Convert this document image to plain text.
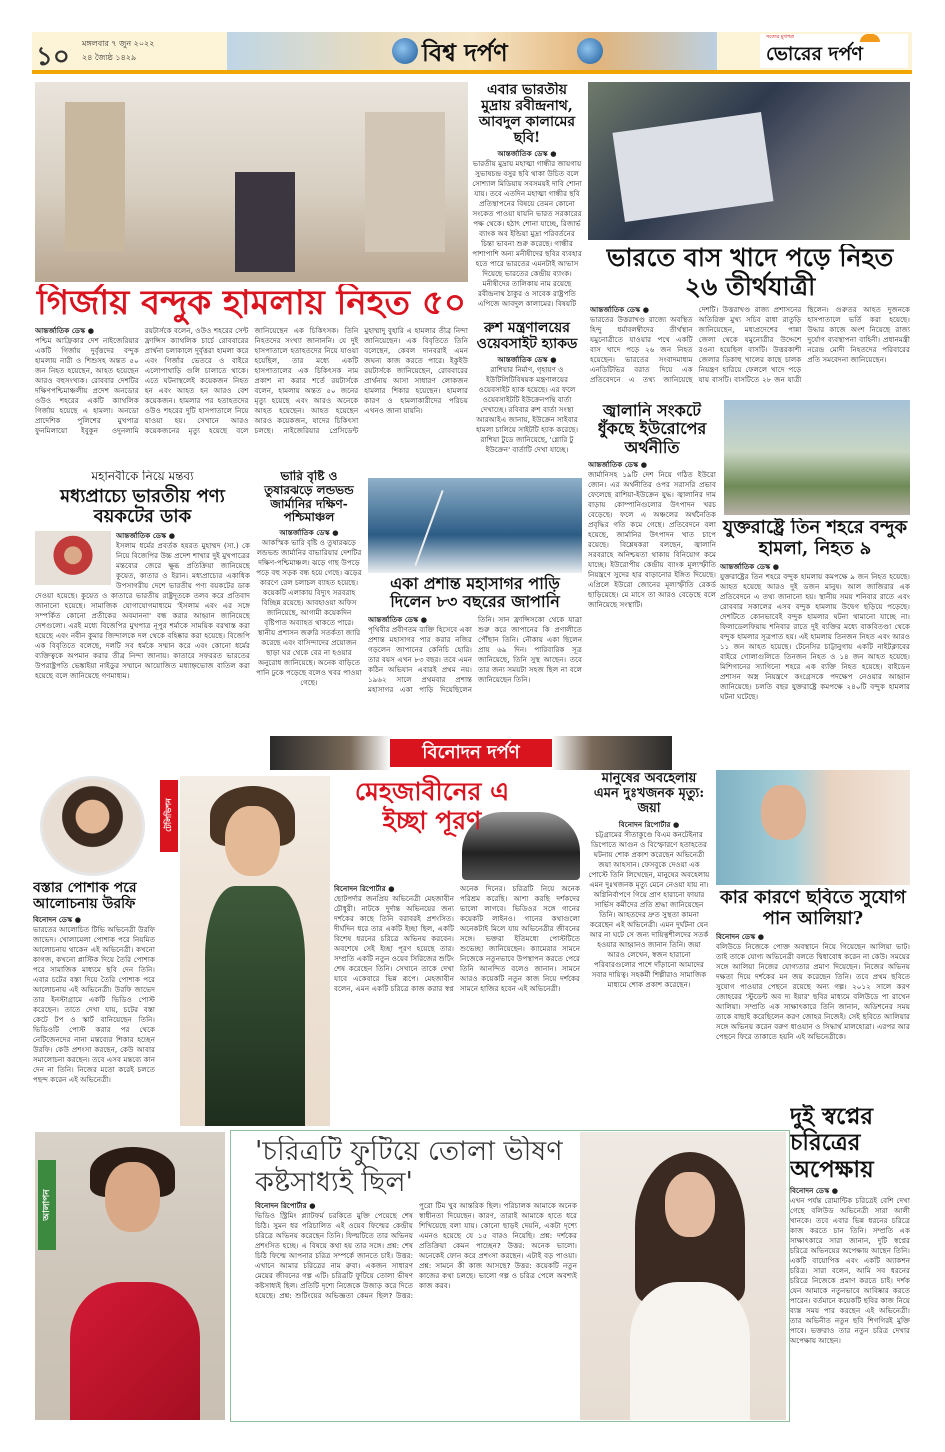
১০ মঙ্গলবার ৭ জুন ২০২২
২৪ জ্যৈষ্ঠ ১৪২৯	বিশ্ব দর্পণ
সত্যের মুখপত্র
ভোরের দর্পণ
গির্জায় বন্দুক হামলায় নিহত ৫০
আন্তর্জাতিক ডেস্ক ●
পশ্চিম আফ্রিকার দেশ নাইজেরিয়ার একটি গির্জায় দুর্বৃত্তদের বন্দুক হামলায় নারী ও শিশুসহ অন্তত ৫০ জন নিহত হয়েছেন, আহত হয়েছেন আরও বহুসংখ্যক। রোববার দেশটির দক্ষিণপশ্চিমাঞ্চলীয় প্রদেশ অনডোর ওউও শহরের একটি ক্যাথলিক গির্জায় হয়েছে এ হামলা। অনডো প্রাদেশিক পুলিশের মুখপাত্র ফুনমিলায়ো ইবুকুন ওদুনলামি রয়টার্সকে বলেন, ওউও শহরের সেন্ট ফ্রান্সিস ক্যাথলিক চার্চে রোববারের প্রার্থনা চলাকালে দুর্বৃত্তরা হামলা করে এবং গির্জার ভেতরে ও বাইরে এলোপাথাড়ি গুলি চালাতে থাকে। এতে ঘটনাস্থলেই কয়েকজন নিহত হন এবং আহত হন আরও বেশ কয়েকজন। হামলার পর হতাহতদের ওউও শহরের দুটি হাসপাতালে নিয়ে যাওয়া হয়। সেখানে আরও কয়েকজনের মৃত্যু হয়েছে বলে জানিয়েছেন এক চিকিৎসক। তিনি নিহতদের সংখ্যা জানাননি। যে দুই হাসপাতালে হতাহতদের নিয়ে যাওয়া হয়েছিল, তার মধ্যে একটি হাসপাতালের এক চিকিৎসক নাম প্রকাশ না করার শর্তে রয়টার্সকে বলেন, হামলায় অন্তত ৫০ জনের মৃত্যু হয়েছে এবং আরও অনেকে আহত হয়েছেন। আহত হয়েছেন আরও কয়েকজন, যাদের চিকিৎসা চলছে। নাইজেরিয়ার প্রেসিডেন্ট মুহাম্মাদু বুহারি এ হামলার তীব্র নিন্দা জানিয়েছেন। এক বিবৃতিতে তিনি বলেছেন, কেবল দানবরাই এমন জঘন্য কাজ করতে পারে। ইকুইউ রয়টার্সকে জানিয়েছেন, রোববারের প্রার্থনায় আসা সাধারণ লোকজন হামলার শিকার হয়েছেন। হামলার কারণ ও হামলাকারীদের পরিচয় এখনও জানা যায়নি।
এবার ভারতীয় মুদ্রায় রবীন্দ্রনাথ, আবদুল কালামের ছবি!
আন্তর্জাতিক ডেস্ক ●
ভারতীয় মুদ্রায় মহাত্মা গান্ধীর জায়গায় সুভাষচন্দ্র বসুর ছবি থাকা উচিত বলে সোশ্যাল মিডিয়ায় সবসময়ই দাবি শোনা যায়। তবে এতদিন মহাত্মা গান্ধীর ছবি প্রতিস্থাপনের বিষয়ে তেমন কোনো সংকেত পাওয়া যায়নি ভারত সরকারের পক্ষ থেকে। হঠাৎ শোনা যাচ্ছে, রিজার্ভ ব্যাংক অব ইন্ডিয়া মুদ্রা পরিবর্তনের চিন্তা ভাবনা শুরু করেছে। গান্ধীর পাশাপাশি অন্য মনীষীদের ছবির ব্যবহার হতে পারে ভারতের এমনটাই আভাস দিয়েছে ভারতের কেন্দ্রীয় ব্যাংক। মনীষীদের তালিকায় নাম রয়েছে রবীন্দ্রনাথ ঠাকুর ও সাবেক রাষ্ট্রপতি এপিজে আবদুল কালামের। বিষয়টি
রুশ মন্ত্রণালয়ের ওয়েবসাইট হ্যাকড
আন্তর্জাতিক ডেস্ক ●
রাশিয়ার নির্মাণ, গৃহায়ণ ও ইউটিলিটিবিষয়ক মন্ত্রণালয়ের ওয়েবসাইট হ্যাক হয়েছে। এর ফলে ওয়েবসাইটটি ইউক্রেনপন্থি বার্তা দেখাচ্ছে। রবিবার রুশ বার্তা সংস্থা আরআইএ জানায়, ইউক্রেন সাইবার হামলা চালিয়ে সাইটটি হ্যাক করেছে। রাশিয়া টুডে জানিয়েছে, 'গ্লোরি টু ইউক্রেন' বার্তাটি দেখা যাচ্ছে।
ভারতে বাস খাদে পড়ে নিহত ২৬ তীর্থযাত্রী
আন্তর্জাতিক ডেস্ক ●
ভারতের উত্তরাখণ্ড রাজ্যে অবস্থিত হিন্দু ধর্মাবলম্বীদের তীর্থস্থান যমুনোত্রীতে যাওয়ার পথে একটি বাস খাদে পড়ে ২৬ জন নিহত হয়েছেন। ভারতের সংবাদমাধ্যম এনডিটিভির বরাত দিয়ে এক প্রতিবেদনে এ তথ্য জানিয়েছে দেশটি। উত্তরাখণ্ড রাজ্য প্রশাসনের অতিরিক্ত মুখ্য সচিব রাধা রাতুড়ি জানিয়েছেন, মধ্যপ্রদেশের পান্না জেলা থেকে যমুনোত্রীর উদ্দেশে রওনা হয়েছিল বাসটি। উত্তরকাশী জেলার ডিকাহু খালের কাছে চালক নিয়ন্ত্রণ হারিয়ে ফেললে খাদে পড়ে যায় বাসটি। বাসটিতে ২৮ জন যাত্রী ছিলেন। গুরুতর আহত দুজনকে হাসপাতালে ভর্তি করা হয়েছে। উদ্ধার কাজে অংশ নিয়েছে রাজ্য দুর্যোগ ব্যবস্থাপনা বাহিনী। প্রধানমন্ত্রী নরেন্দ্র মোদী নিহতদের পরিবারের প্রতি সমবেদনা জানিয়েছেন।
জ্বালানি সংকটে ধুঁকছে ইউরোপের অর্থনীতি
আন্তর্জাতিক ডেস্ক ●
জার্মানিসহ ১৯টি দেশ নিয়ে গঠিত ইউরো জোন। এর অর্থনীতির ওপর সরাসরি প্রভাব ফেলেছে রাশিয়া-ইউক্রেন যুদ্ধ। জ্বালানির দাম বাড়ায় কোম্পানিগুলোর উৎপাদন খরচ বেড়েছে। ফলে এ অঞ্চলের অর্থনৈতিক প্রবৃদ্ধির গতি কমে গেছে। প্রতিবেদনে বলা হয়েছে, জার্মানির উৎপাদন খাত চাপে রয়েছে। বিশ্লেষকরা বলছেন, জ্বালানি সরবরাহে অনিশ্চয়তা থাকায় বিনিয়োগ কমে যাচ্ছে। ইউরোপীয় কেন্দ্রীয় ব্যাংক মূল্যস্ফীতি নিয়ন্ত্রণে সুদের হার বাড়ানোর ইঙ্গিত দিয়েছে। এপ্রিলে ইউরো জোনের মূল্যস্ফীতি রেকর্ড ছাড়িয়েছে। মে মাসে তা আরও বেড়েছে বলে জানিয়েছে সংস্থাটি।
যুক্তরাষ্ট্রে তিন শহরে বন্দুক হামলা, নিহত ৯
আন্তর্জাতিক ডেস্ক ●
যুক্তরাষ্ট্রের তিন শহরে বন্দুক হামলায় কমপক্ষে ৯ জন নিহত হয়েছে। আহত হয়েছে আরও দুই ডজন মানুষ। আল জাজিরার এক প্রতিবেদনে এ তথ্য জানানো হয়। স্থানীয় সময় শনিবার রাতে এবং রোববার সকালের এসব বন্দুক হামলায় উদ্বেগ ছড়িয়ে পড়েছে। দেশটিতে কোনভাবেই বন্দুক হামলার ঘটনা থামানো যাচ্ছে না। ফিলাডেলফিয়ায় শনিবার রাতে দুই ব্যক্তির মধ্যে বাকবিতণ্ডা থেকে বন্দুক হামলার সূত্রপাত হয়। এই হামলায় তিনজন নিহত এবং আরও ১১ জন আহত হয়েছে। টেনেসির চাট্টানুগায় একটি নাইটক্লাবের বাইরে গোলাগুলিতে তিনজন নিহত ও ১৪ জন আহত হয়েছে। মিশিগানের স্যাগিনো শহরে এক ব্যক্তি নিহত হয়েছে। বাইডেন প্রশাসন অস্ত্র নিয়ন্ত্রণে কংগ্রেসকে পদক্ষেপ নেওয়ার আহ্বান জানিয়েছে। চলতি বছর যুক্তরাষ্ট্রে কমপক্ষে ২৪০টি বন্দুক হামলার ঘটনা ঘটেছে।
মহানবীকে নিয়ে মন্তব্য
মধ্যপ্রাচ্যে ভারতীয় পণ্য বয়কটের ডাক
আন্তর্জাতিক ডেস্ক ●
ইসলাম ধর্মের প্রবর্তক হযরত মুহাম্মদ (সা.) কে নিয়ে বিজেপির উচ্চ প্রদেশ শাখার দুই মুখপাত্রের মন্তব্যের জেরে ক্ষুব্ধ প্রতিক্রিয়া জানিয়েছে কুয়েত, কাতার ও ইরান। মধ্যপ্রাচ্যের একাধিক উপসাগরীয় দেশে ভারতীয় পণ্য বয়কটের ডাক দেওয়া হয়েছে। কুয়েত ও কাতারে ভারতীয় রাষ্ট্রদূতকে তলব করে প্রতিবাদ জানানো হয়েছে। সামাজিক যোগাযোগমাধ্যমে 'ইসলাম এবং এর সঙ্গে সম্পর্কিত কোনো প্রতীকের অবমাননা' বন্ধ করার আহ্বান জানিয়েছে দেশগুলো। এরই মধ্যে বিজেপির মুখপাত্র নূপুর শর্মাকে সাময়িক বরখাস্ত করা হয়েছে এবং নবীন কুমার জিন্দালকে দল থেকে বহিষ্কার করা হয়েছে। বিজেপি এক বিবৃতিতে বলেছে, দলটি সব ধর্মকে সম্মান করে এবং কোনো ধর্মের ব্যক্তিত্বকে অপমান করার তীব্র নিন্দা জানায়। কাতারে সফররত ভারতের উপরাষ্ট্রপতি ভেঙ্কাইয়া নাইডুর সম্মানে আয়োজিত মধ্যাহ্নভোজ বাতিল করা হয়েছে বলে জানিয়েছে গণমাধ্যম।
ভারি বৃষ্টি ও তুষারঝড়ে লন্ডভন্ড জার্মানির দক্ষিণ-পশ্চিমাঞ্চল
আন্তর্জাতিক ডেস্ক ●
আকস্মিক ভারি বৃষ্টি ও তুষারঝড়ে লন্ডভন্ড জার্মানির বাভারিয়ার দেশটির দক্ষিণ-পশ্চিমাঞ্চল। ঝড়ে গাছ উপড়ে পড়ে বহু সড়ক বন্ধ হয়ে গেছে। ঝড়ের কারণে রেল চলাচল ব্যাহত হয়েছে। কয়েকটি এলাকায় বিদ্যুৎ সরবরাহ বিচ্ছিন্ন রয়েছে। আবহাওয়া অফিস জানিয়েছে, আগামী কয়েকদিন বৃষ্টিপাত অব্যাহত থাকতে পারে। স্থানীয় প্রশাসন জরুরি সতর্কতা জারি করেছে এবং বাসিন্দাদের প্রয়োজন ছাড়া ঘর থেকে বের না হওয়ার অনুরোধ জানিয়েছে। অনেক বাড়িতে পানি ঢুকে পড়েছে বলেও খবর পাওয়া গেছে।
একা প্রশান্ত মহাসাগর পাড়ি দিলেন ৮৩ বছরের জাপানি
আন্তর্জাতিক ডেস্ক ●
পৃথিবীর প্রবীণতম ব্যক্তি হিসেবে একা প্রশান্ত মহাসাগর পার করার নজির গড়লেন জাপানের কেনিচি হোরি। তার বয়স এখন ৮৩ বছর। তবে এমন কঠিন অভিযান এবারই প্রথম নয়। ১৯৬২ সালে প্রথমবার প্রশান্ত মহাসাগর একা পাড়ি দিয়েছিলেন তিনি। সান ফ্রান্সিসকো থেকে যাত্রা শুরু করে জাপানের কি প্রণালীতে পৌঁছান তিনি। নৌকায় একা ছিলেন প্রায় ৬৯ দিন। পারিবারিক সূত্র জানিয়েছে, তিনি সুস্থ আছেন। তবে তার জন্য সময়টা সহজ ছিল না বলে জানিয়েছেন তিনি।
বিনোদন দর্পণ
বস্তার পোশাক পরে আলোচনায় উরফি
বিনোদন ডেস্ক ●
ভারতের আলোচিত টিভি অভিনেত্রী উরফি জাভেদ। খোলামেলা পোশাক পরে নিয়মিত আলোচনায় থাকেন এই অভিনেত্রী। কখনো কাগজ, কখনো প্লাস্টিক দিয়ে তৈরি পোশাক পরে সামাজিক মাধ্যমে ছবি দেন তিনি। এবার চটের বস্তা দিয়ে তৈরি পোশাক পরে আলোচনায় এই অভিনেত্রী। উরফি জাভেদ তার ইনস্টাগ্রামে একটি ভিডিও পোস্ট করেছেন। তাতে দেখা যায়, চটের বস্তা কেটে টপ ও স্কার্ট বানিয়েছেন তিনি। ভিডিওটি পোস্ট করার পর থেকে নেটিজেনদের নানা মন্তব্যের শিকার হচ্ছেন উরফি। কেউ প্রশংসা করছেন, কেউ আবার সমালোচনা করছেন। তবে এসব মন্তব্যে কান দেন না তিনি। নিজের মতো করেই চলতে পছন্দ করেন এই অভিনেত্রী।
টেলিভিশন
মেহজাবীনের এ ইচ্ছা পূরণ
বিনোদন রিপোর্টার ●
ছোটপর্দার জনপ্রিয় অভিনেত্রী মেহজাবীন চৌধুরী। নাটকে দুর্দান্ত অভিনয়ের জন্য দর্শকের কাছে তিনি বরাবরই প্রশংসিত। দীর্ঘদিন ধরে তার একটি ইচ্ছা ছিল, একটি বিশেষ ধরনের চরিত্রে অভিনয় করবেন। অবশেষে সেই ইচ্ছা পূরণ হয়েছে তার। সম্প্রতি একটি নতুন ওয়েব সিরিজের শুটিং শেষ করেছেন তিনি। সেখানে তাকে দেখা যাবে একেবারে ভিন্ন রূপে। মেহজাবীন বলেন, এমন একটি চরিত্রে কাজ করার স্বপ্ন অনেক দিনের। চরিত্রটি নিয়ে অনেক পরিশ্রম করেছি। আশা করছি দর্শকদের ভালো লাগবে। ভিডিওর সঙ্গে গানের কয়েকটি লাইনও। গানের কথাগুলো অনেকটাই মিলে যায় অভিনেত্রীর জীবনের সঙ্গে। ভক্তরা ইতিমধ্যে পোস্টটিতে শুভেচ্ছা জানিয়েছেন। ক্যামেরার সামনে নিজেকে নতুনভাবে উপস্থাপন করতে পেরে তিনি আনন্দিত বলেও জানান। সামনে আরও কয়েকটি নতুন কাজ নিয়ে দর্শকের সামনে হাজির হবেন এই অভিনেত্রী।
মানুষের অবহেলায় এমন দুঃখজনক মৃত্যু: জয়া
বিনোদন রিপোর্টার ●
চট্টগ্রামের সীতাকুণ্ডে বিএম কনটেইনার ডিপোতে আগুন ও বিস্ফোরণে হতাহতের ঘটনায় শোক প্রকাশ করেছেন অভিনেত্রী জয়া আহসান। ফেসবুকে দেওয়া এক পোস্টে তিনি লিখেছেন, মানুষের অবহেলায় এমন দুঃখজনক মৃত্যু মেনে নেওয়া যায় না। অগ্নিনির্বাপণে গিয়ে প্রাণ হারানো ফায়ার সার্ভিস কর্মীদের প্রতি শ্রদ্ধা জানিয়েছেন তিনি। আহতদের দ্রুত সুস্থতা কামনা করেছেন এই অভিনেত্রী। এমন দুর্ঘটনা যেন আর না ঘটে সে জন্য দায়িত্বশীলদের সতর্ক হওয়ার আহ্বানও জানান তিনি। জয়া আরও লেখেন, স্বজন হারানো পরিবারগুলোর পাশে দাঁড়ানো আমাদের সবার দায়িত্ব। সহকর্মী শিল্পীরাও সামাজিক মাধ্যমে শোক প্রকাশ করেছেন।
কার কারণে ছবিতে সুযোগ পান আলিয়া?
বিনোদন ডেস্ক ●
বলিউডে নিজেকে পোক্ত অবস্থানে নিয়ে গিয়েছেন আলিয়া ভাট। তাই তাকে যোগ্য অভিনেত্রী বলতে দ্বিধাবোধ করেন না কেউ। সময়ের সঙ্গে আলিয়া নিজের যোগ্যতার প্রমাণ দিয়েছেন। নিজের অভিনয় দক্ষতা দিয়ে দর্শকের মন জয় করেছেন তিনি। তবে প্রথম ছবিতে সুযোগ পাওয়ার পেছনে রয়েছে অন্য গল্প। ২০১২ সালে করণ জোহরের 'স্টুডেন্ট অব দ্য ইয়ার' ছবির মাধ্যমে বলিউডে পা রাখেন আলিয়া। সম্প্রতি এক সাক্ষাৎকারে তিনি জানান, অডিশনের সময় তাকে বাছাই করেছিলেন করণ জোহর নিজেই। সেই ছবিতে আলিয়ার সঙ্গে অভিনয় করেন বরুণ ধাওয়ান ও সিদ্ধার্থ মালহোত্রা। এরপর আর পেছনে ফিরে তাকাতে হয়নি এই অভিনেত্রীকে।
আলাপন
'চরিত্রটি ফুটিয়ে তোলা ভীষণ কষ্টসাধ্যই ছিল'
বিনোদন রিপোর্টার ●
ভিডিও স্ট্রিমিং প্ল্যাটফর্ম চরকিতে মুক্তি পেয়েছে শেষ চিঠি। সুমন ধর পরিচালিত এই ওয়েব ফিল্মের কেন্দ্রীয় চরিত্রে অভিনয় করেছেন তিনি। ফিল্মটিতে তার অভিনয় প্রশংসিত হচ্ছে। এ বিষয়ে কথা হয় তার সঙ্গে। প্রশ্ন: শেষ চিঠি ফিল্মে আপনার চরিত্র সম্পর্কে জানতে চাই। উত্তর: এখানে আমার চরিত্রের নাম রুবা। একজন সাধারণ মেয়ের জীবনের গল্প এটি। চরিত্রটি ফুটিয়ে তোলা ভীষণ কষ্টসাধ্যই ছিল। প্রতিটি দৃশ্যে নিজেকে উজাড় করে দিতে হয়েছে। প্রশ্ন: শুটিংয়ের অভিজ্ঞতা কেমন ছিল? উত্তর: পুরো টিম খুব আন্তরিক ছিল। পরিচালক আমাকে অনেক স্বাধীনতা দিয়েছেন। কারণ, তারাই আমাকে হাতে ধরে শিখিয়েছে বলা যায়। কোনো ছাড়ই দেয়নি, একটা দৃশ্যে এমনও হয়েছে যে ১৫ বারও নিয়েছি। প্রশ্ন: দর্শকের প্রতিক্রিয়া কেমন পাচ্ছেন? উত্তর: অনেক ভালো। অনেকেই ফোন করে প্রশংসা করছেন। এটাই বড় পাওয়া। প্রশ্ন: সামনে কী কাজ আসছে? উত্তর: কয়েকটি নতুন কাজের কথা চলছে। ভালো গল্প ও চরিত্র পেলে অবশ্যই কাজ করব।
দুই স্বপ্নের চরিত্রের অপেক্ষায়
বিনোদন ডেস্ক ●
এখন পর্যন্ত রোমান্টিক চরিত্রেই বেশি দেখা গেছে বলিউড অভিনেত্রী সারা আলী খানকে। তবে এবার ভিন্ন ধরনের চরিত্রে কাজ করতে চান তিনি। সম্প্রতি এক সাক্ষাৎকারে সারা জানান, দুটি স্বপ্নের চরিত্রে অভিনয়ের অপেক্ষায় আছেন তিনি। একটি বায়োপিক এবং একটি অ্যাকশন চরিত্র। সারা বলেন, আমি সব ধরনের চরিত্রে নিজেকে প্রমাণ করতে চাই। দর্শক যেন আমাকে নতুনভাবে আবিষ্কার করতে পারেন। বর্তমানে কয়েকটি ছবির কাজ নিয়ে ব্যস্ত সময় পার করছেন এই অভিনেত্রী। তার অভিনীত নতুন ছবি শিগগিরই মুক্তি পাবে। ভক্তরাও তার নতুন চরিত্র দেখার অপেক্ষায় আছেন।
